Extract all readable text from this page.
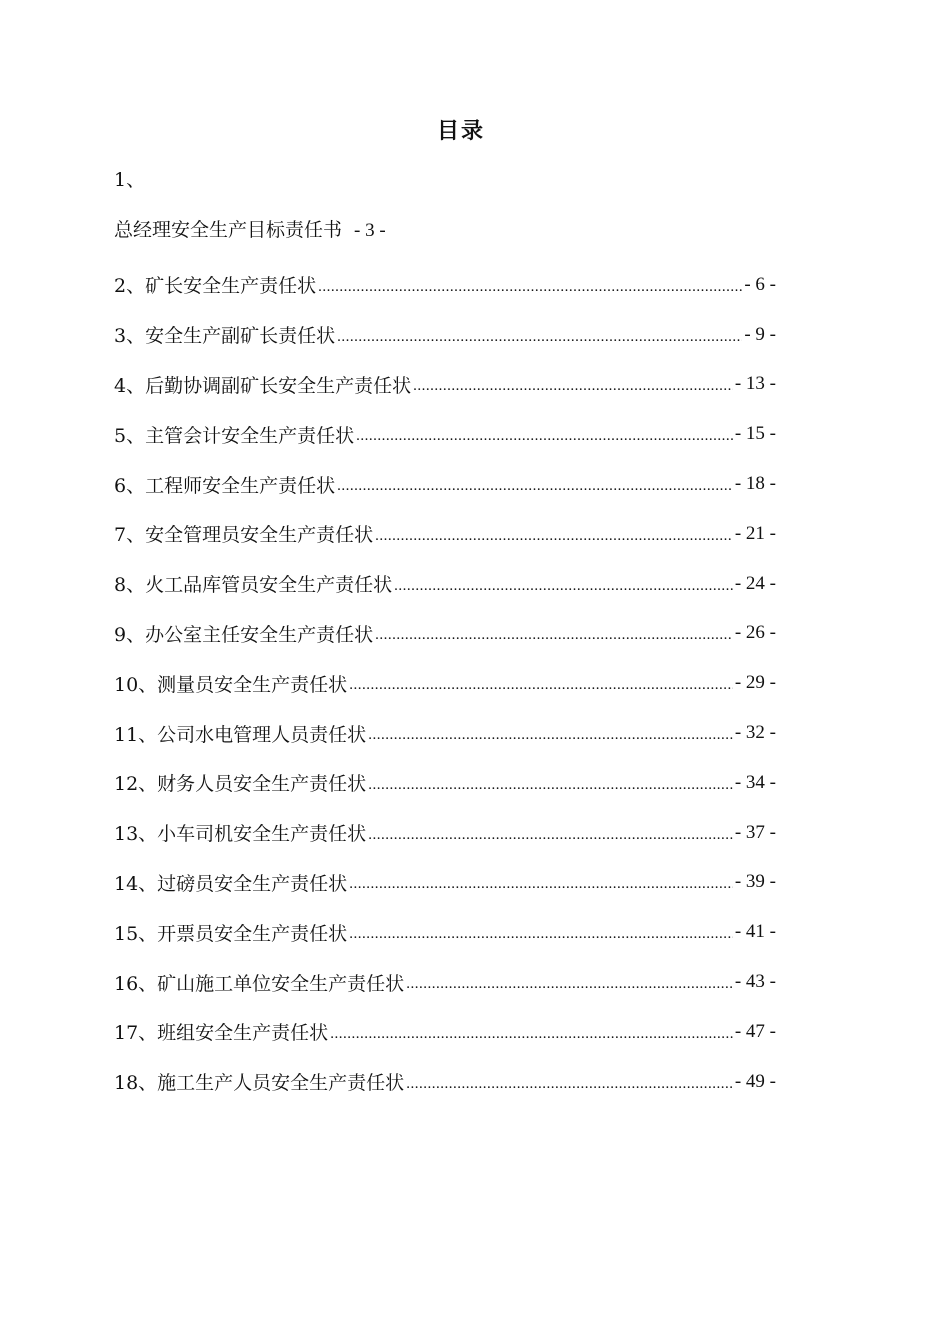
目录
1、
总经理安全生产目标责任书 - 3 -
2、矿长安全生产责任状 .....	- 6 -
3、安全生产副矿长责任状 .....	- 9 -
4、后勤协调副矿长安全生产责任状 .....	- 13 -
5、主管会计安全生产责任状 .....	- 15 -
6、工程师安全生产责任状 .....	- 18 -
7、安全管理员安全生产责任状 .....	- 21 -
8、火工品库管员安全生产责任状 .....	- 24 -
9、办公室主任安全生产责任状 .....	- 26 -
10、测量员安全生产责任状 .....	- 29 -
11、公司水电管理人员责任状 .....	- 32 -
12、财务人员安全生产责任状 .....	- 34 -
13、小车司机安全生产责任状 .....	- 37 -
14、过磅员安全生产责任状 .....	- 39 -
15、开票员安全生产责任状 .....	- 41 -
16、矿山施工单位安全生产责任状 .....	- 43 -
17、班组安全生产责任状 .....	- 47 -
18、施工生产人员安全生产责任状 .....	- 49 -
